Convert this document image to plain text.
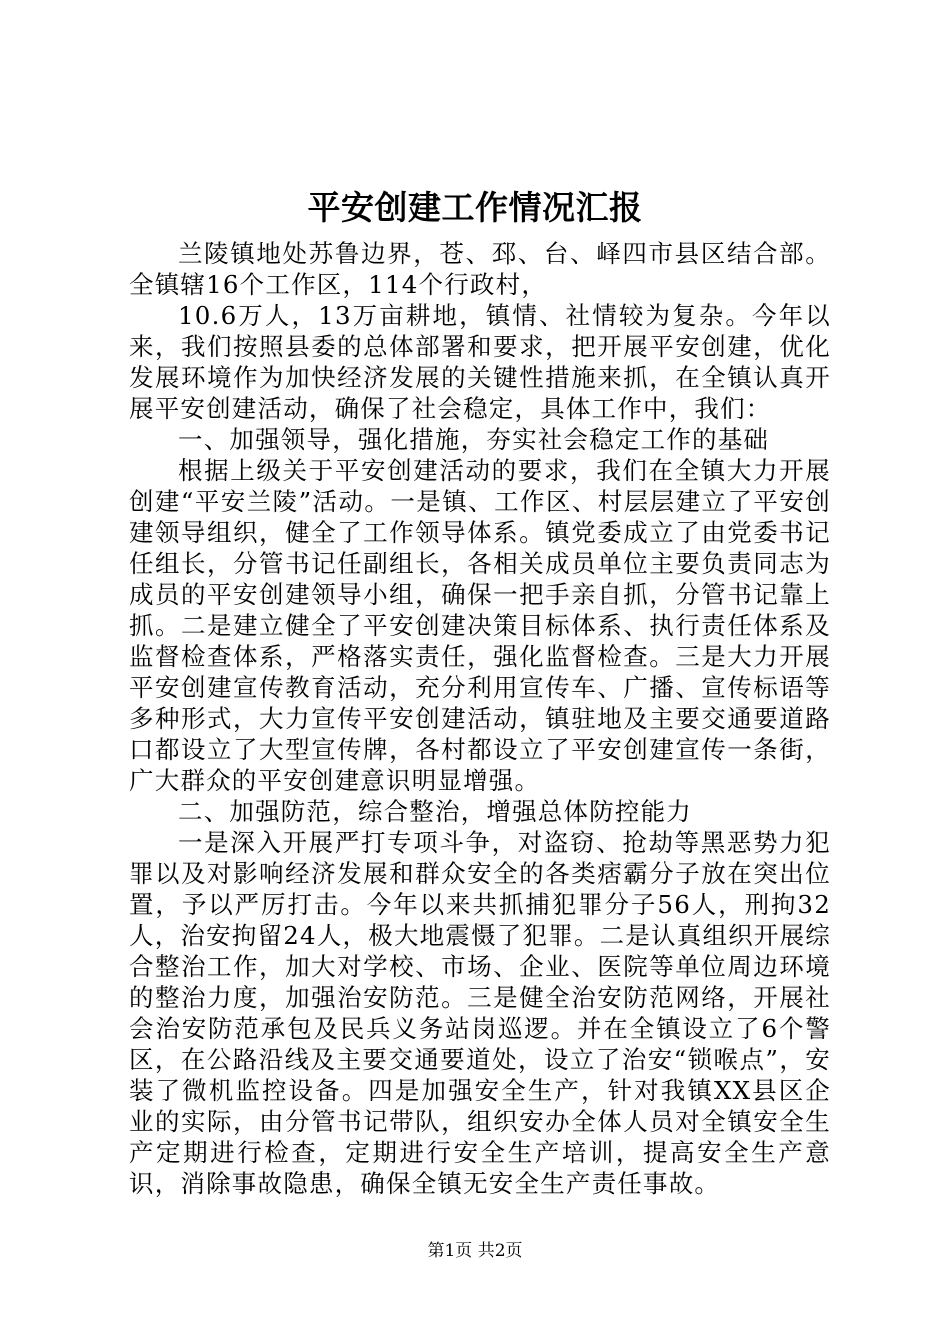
平安创建工作情况汇报

兰陵镇地处苏鲁边界，苍、邳、台、峄四市县区结合部。全镇辖16个工作区，114个行政村，

10.6万人，13万亩耕地，镇情、社情较为复杂。今年以来，我们按照县委的总体部署和要求，把开展平安创建，优化发展环境作为加快经济发展的关键性措施来抓，在全镇认真开展平安创建活动，确保了社会稳定，具体工作中，我们：

一、加强领导，强化措施，夯实社会稳定工作的基础

根据上级关于平安创建活动的要求，我们在全镇大力开展创建“平安兰陵”活动。一是镇、工作区、村层层建立了平安创建领导组织，健全了工作领导体系。镇党委成立了由党委书记任组长，分管书记任副组长，各相关成员单位主要负责同志为成员的平安创建领导小组，确保一把手亲自抓，分管书记靠上抓。二是建立健全了平安创建决策目标体系、执行责任体系及监督检查体系，严格落实责任，强化监督检查。三是大力开展平安创建宣传教育活动，充分利用宣传车、广播、宣传标语等多种形式，大力宣传平安创建活动，镇驻地及主要交通要道路口都设立了大型宣传牌，各村都设立了平安创建宣传一条街，广大群众的平安创建意识明显增强。

二、加强防范，综合整治，增强总体防控能力

一是深入开展严打专项斗争，对盗窃、抢劫等黑恶势力犯罪以及对影响经济发展和群众安全的各类痞霸分子放在突出位置，予以严厉打击。今年以来共抓捕犯罪分子56人，刑拘32人，治安拘留24人，极大地震慑了犯罪。二是认真组织开展综合整治工作，加大对学校、市场、企业、医院等单位周边环境的整治力度，加强治安防范。三是健全治安防范网络，开展社会治安防范承包及民兵义务站岗巡逻。并在全镇设立了6个警区，在公路沿线及主要交通要道处，设立了治安“锁喉点”，安装了微机监控设备。四是加强安全生产，针对我镇XX县区企业的实际，由分管书记带队，组织安办全体人员对全镇安全生产定期进行检查，定期进行安全生产培训，提高安全生产意识，消除事故隐患，确保全镇无安全生产责任事故。

第1页 共2页
